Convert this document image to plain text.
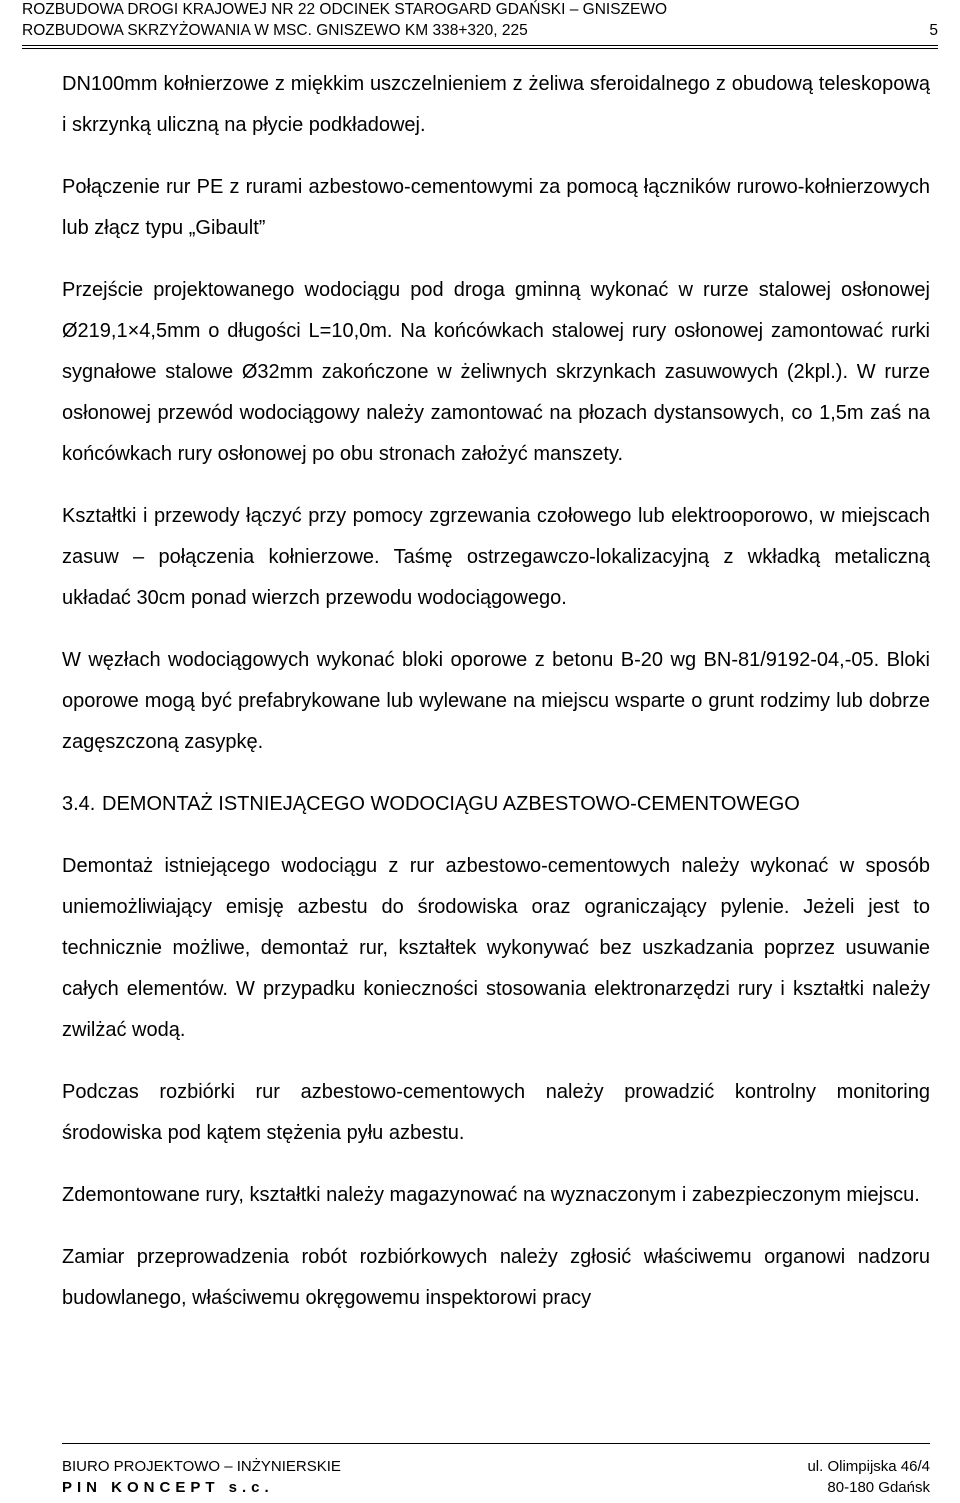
ROZBUDOWA DROGI KRAJOWEJ NR 22 ODCINEK STAROGARD GDAŃSKI – GNISZEWO
ROZBUDOWA SKRZYŻOWANIA W MSC. GNISZEWO KM 338+320, 225	5

DN100mm kołnierzowe z miękkim uszczelnieniem z żeliwa sferoidalnego z obudową teleskopową i skrzynką uliczną na płycie podkładowej.

Połączenie rur PE z rurami azbestowo-cementowymi za pomocą łączników rurowo-kołnierzowych lub złącz typu „Gibault”

Przejście projektowanego wodociągu pod droga gminną wykonać w rurze stalowej osłonowej Ø219,1×4,5mm o długości L=10,0m. Na końcówkach stalowej rury osłonowej zamontować rurki sygnałowe stalowe Ø32mm zakończone w żeliwnych skrzynkach zasuwowych (2kpl.). W rurze osłonowej przewód wodociągowy należy zamontować na płozach dystansowych, co 1,5m zaś na końcówkach rury osłonowej po obu stronach założyć manszety.

Kształtki i przewody łączyć przy pomocy zgrzewania czołowego lub elektrooporowo, w miejscach zasuw – połączenia kołnierzowe. Taśmę ostrzegawczo-lokalizacyjną z wkładką metaliczną układać 30cm ponad wierzch przewodu wodociągowego.

W węzłach wodociągowych wykonać bloki oporowe z betonu B-20 wg BN-81/9192-04,-05. Bloki oporowe mogą być prefabrykowane lub wylewane na miejscu wsparte o grunt rodzimy lub dobrze zagęszczoną zasypkę.

3.4. DEMONTAŻ ISTNIEJĄCEGO WODOCIĄGU AZBESTOWO-CEMENTOWEGO

Demontaż istniejącego wodociągu z rur azbestowo-cementowych należy wykonać w sposób uniemożliwiający emisję azbestu do środowiska oraz ograniczający pylenie. Jeżeli jest to technicznie możliwe, demontaż rur, kształtek wykonywać bez uszkadzania poprzez usuwanie całych elementów. W przypadku konieczności stosowania elektronarzędzi rury i kształtki należy zwilżać wodą.

Podczas rozbiórki rur azbestowo-cementowych należy prowadzić kontrolny monitoring środowiska pod kątem stężenia pyłu azbestu.

Zdemontowane rury, kształtki należy magazynować na wyznaczonym i zabezpieczonym miejscu.

Zamiar przeprowadzenia robót rozbiórkowych należy zgłosić właściwemu organowi nadzoru budowlanego, właściwemu okręgowemu inspektorowi pracy

BIURO PROJEKTOWO – INŻYNIERSKIE	ul. Olimpijska 46/4
PIN KONCEPT s.c.	80-180 Gdańsk
